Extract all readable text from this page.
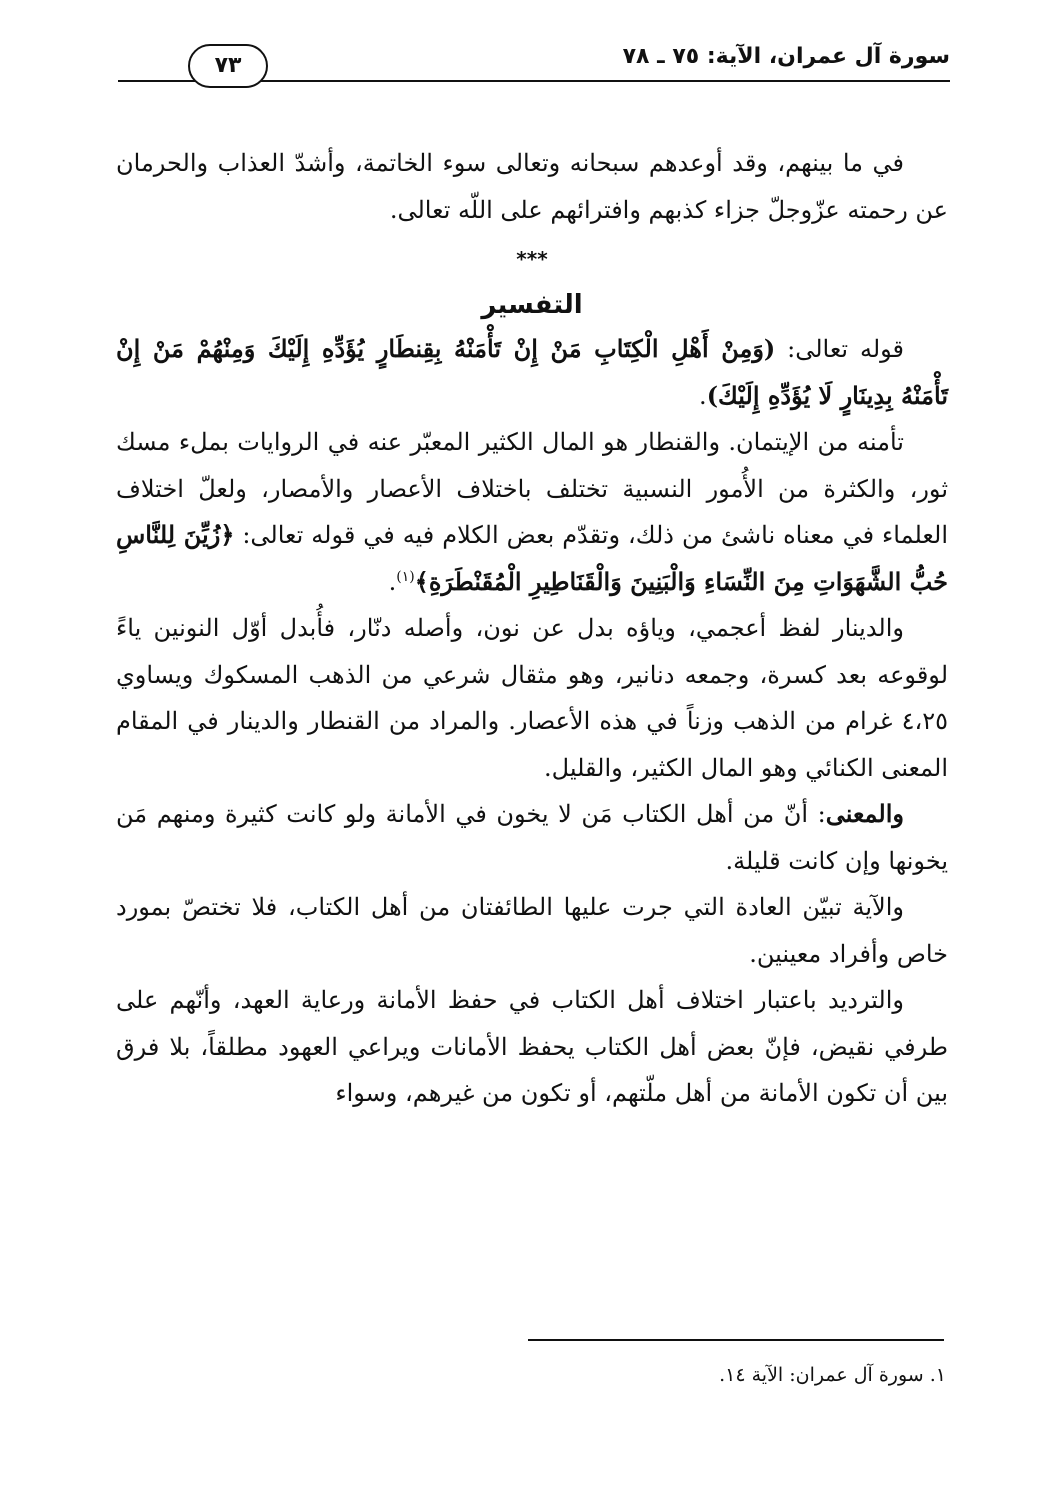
سورة آل عمران، الآية: ٧٥ ـ ٧٨
٧٣

في ما بينهم، وقد أوعدهم سبحانه وتعالى سوء الخاتمة، وأشدّ العذاب والحرمان عن رحمته عزّوجلّ جزاء كذبهم وافترائهم على اللّه تعالى.

***
التفسير

قوله تعالى: (وَمِنْ أَهْلِ الْكِتَابِ مَنْ إِنْ تَأْمَنْهُ بِقِنطَارٍ يُؤَدِّهِ إِلَيْكَ وَمِنْهُمْ مَنْ إِنْ تَأْمَنْهُ بِدِينَارٍ لَا يُؤَدِّهِ إِلَيْكَ).

تأمنه من الإيتمان. والقنطار هو المال الكثير المعبّر عنه في الروايات بملء مسك ثور، والكثرة من الأُمور النسبية تختلف باختلاف الأعصار والأمصار، ولعلّ اختلاف العلماء في معناه ناشئ من ذلك، وتقدّم بعض الكلام فيه في قوله تعالى: ﴿زُيِّنَ لِلنَّاسِ حُبُّ الشَّهَوَاتِ مِنَ النِّسَاءِ وَالْبَنِينَ وَالْقَنَاطِيرِ الْمُقَنْطَرَةِ﴾$^{(١)}$.

والدينار لفظ أعجمي، وياؤه بدل عن نون، وأصله دنّار، فأُبدل أوّل النونين ياءً لوقوعه بعد كسرة، وجمعه دنانير، وهو مثقال شرعي من الذهب المسكوك ويساوي ٤،٢٥ غرام من الذهب وزناً في هذه الأعصار. والمراد من القنطار والدينار في المقام المعنى الكنائي وهو المال الكثير، والقليل.

والمعنى: أنّ من أهل الكتاب مَن لا يخون في الأمانة ولو كانت كثيرة ومنهم مَن يخونها وإن كانت قليلة.

والآية تبيّن العادة التي جرت عليها الطائفتان من أهل الكتاب، فلا تختصّ بمورد خاص وأفراد معينين.

والترديد باعتبار اختلاف أهل الكتاب في حفظ الأمانة ورعاية العهد، وأنّهم على طرفي نقيض، فإنّ بعض أهل الكتاب يحفظ الأمانات ويراعي العهود مطلقاً، بلا فرق بين أن تكون الأمانة من أهل ملّتهم، أو تكون من غيرهم، وسواء

١. سورة آل عمران: الآية ١٤.
